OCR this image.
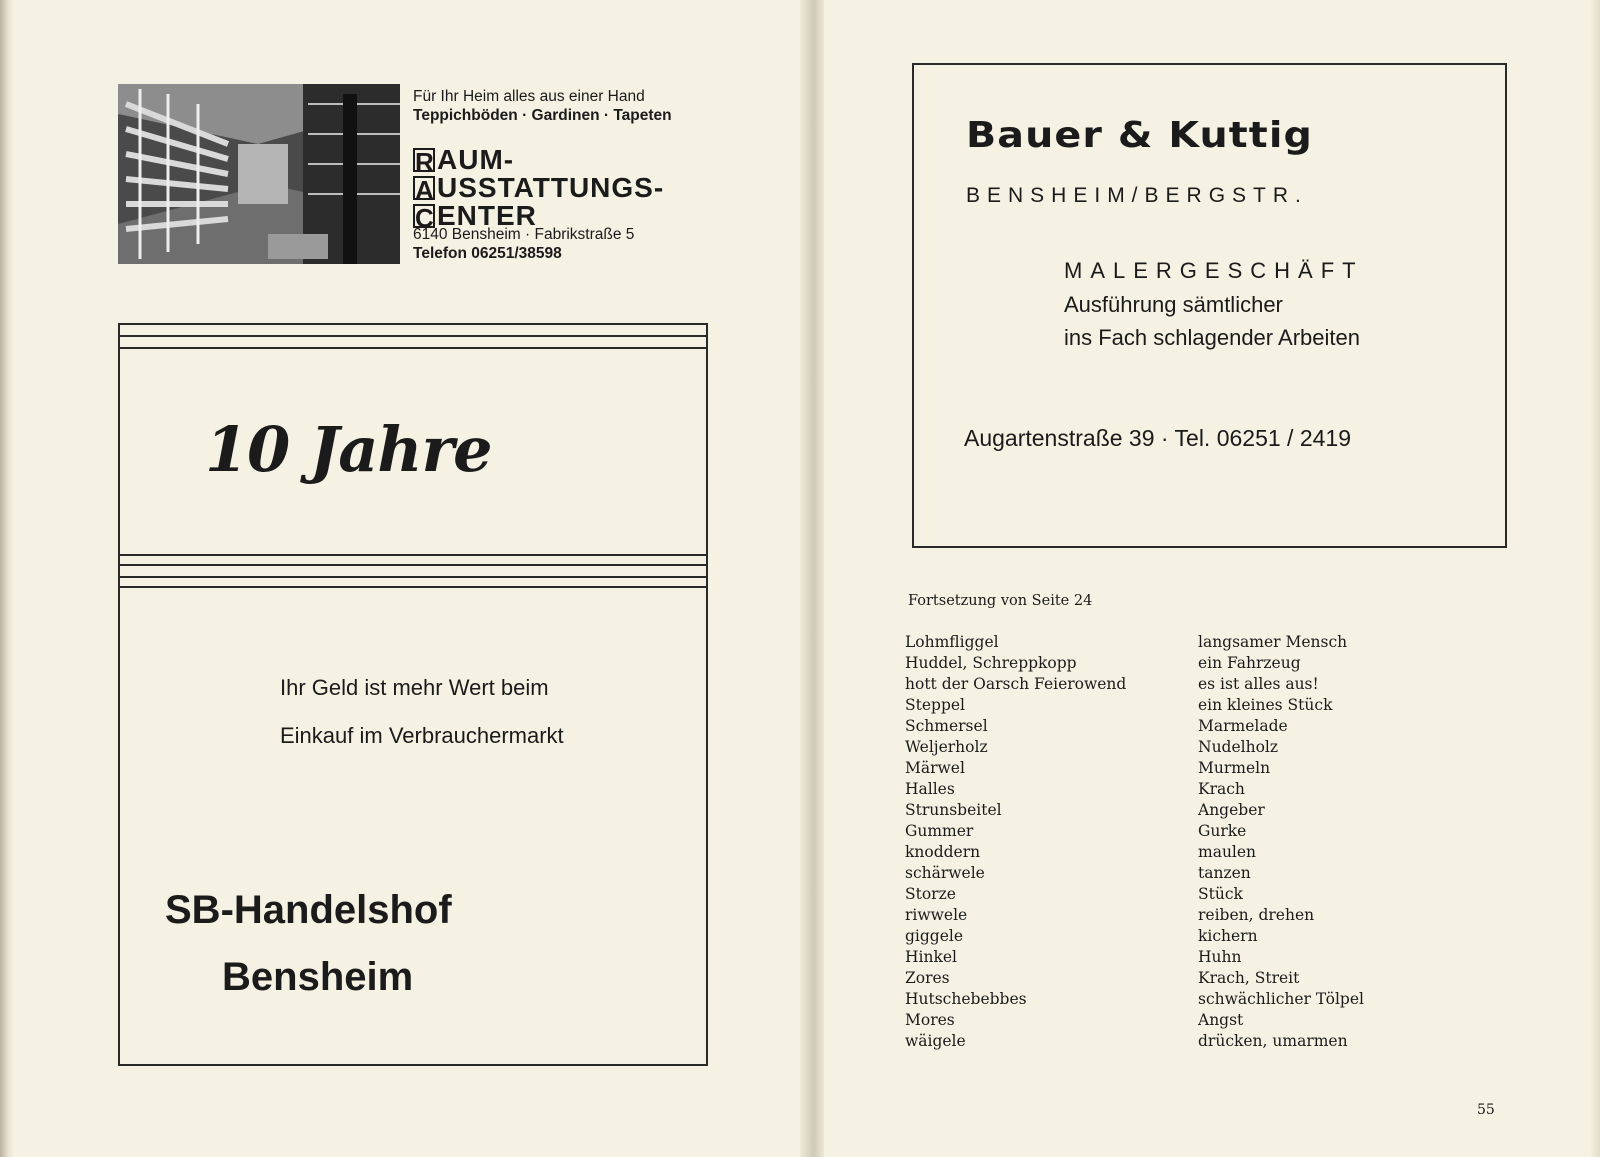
Für Ihr Heim alles aus einer Hand
Teppichböden · Gardinen · Tapeten
R AUM-
A USSTATTUNGS-
C ENTER
6140 Bensheim · Fabrikstraße 5
Telefon 06251/38598
10 Jahre
Ihr Geld ist mehr Wert beim
Einkauf im Verbrauchermarkt
SB-Handelshof
Bensheim
Bauer & Kuttig
BENSHEIM/BERGSTR.
MALERGESCHÄFT
Ausführung sämtlicher
ins Fach schlagender Arbeiten
Augartenstraße 39 · Tel. 06251 / 2419
Fortsetzung von Seite 24
Lohmfliggel
Huddel, Schreppkopp
hott der Oarsch Feierowend
Steppel
Schmersel
Weljerholz
Märwel
Halles
Strunsbeitel
Gummer
knoddern
schärwele
Storze
riwwele
giggele
Hinkel
Zores
Hutschebebbes
Mores
wäigele
langsamer Mensch
ein Fahrzeug
es ist alles aus!
ein kleines Stück
Marmelade
Nudelholz
Murmeln
Krach
Angeber
Gurke
maulen
tanzen
Stück
reiben, drehen
kichern
Huhn
Krach, Streit
schwächlicher Tölpel
Angst
drücken, umarmen
55
